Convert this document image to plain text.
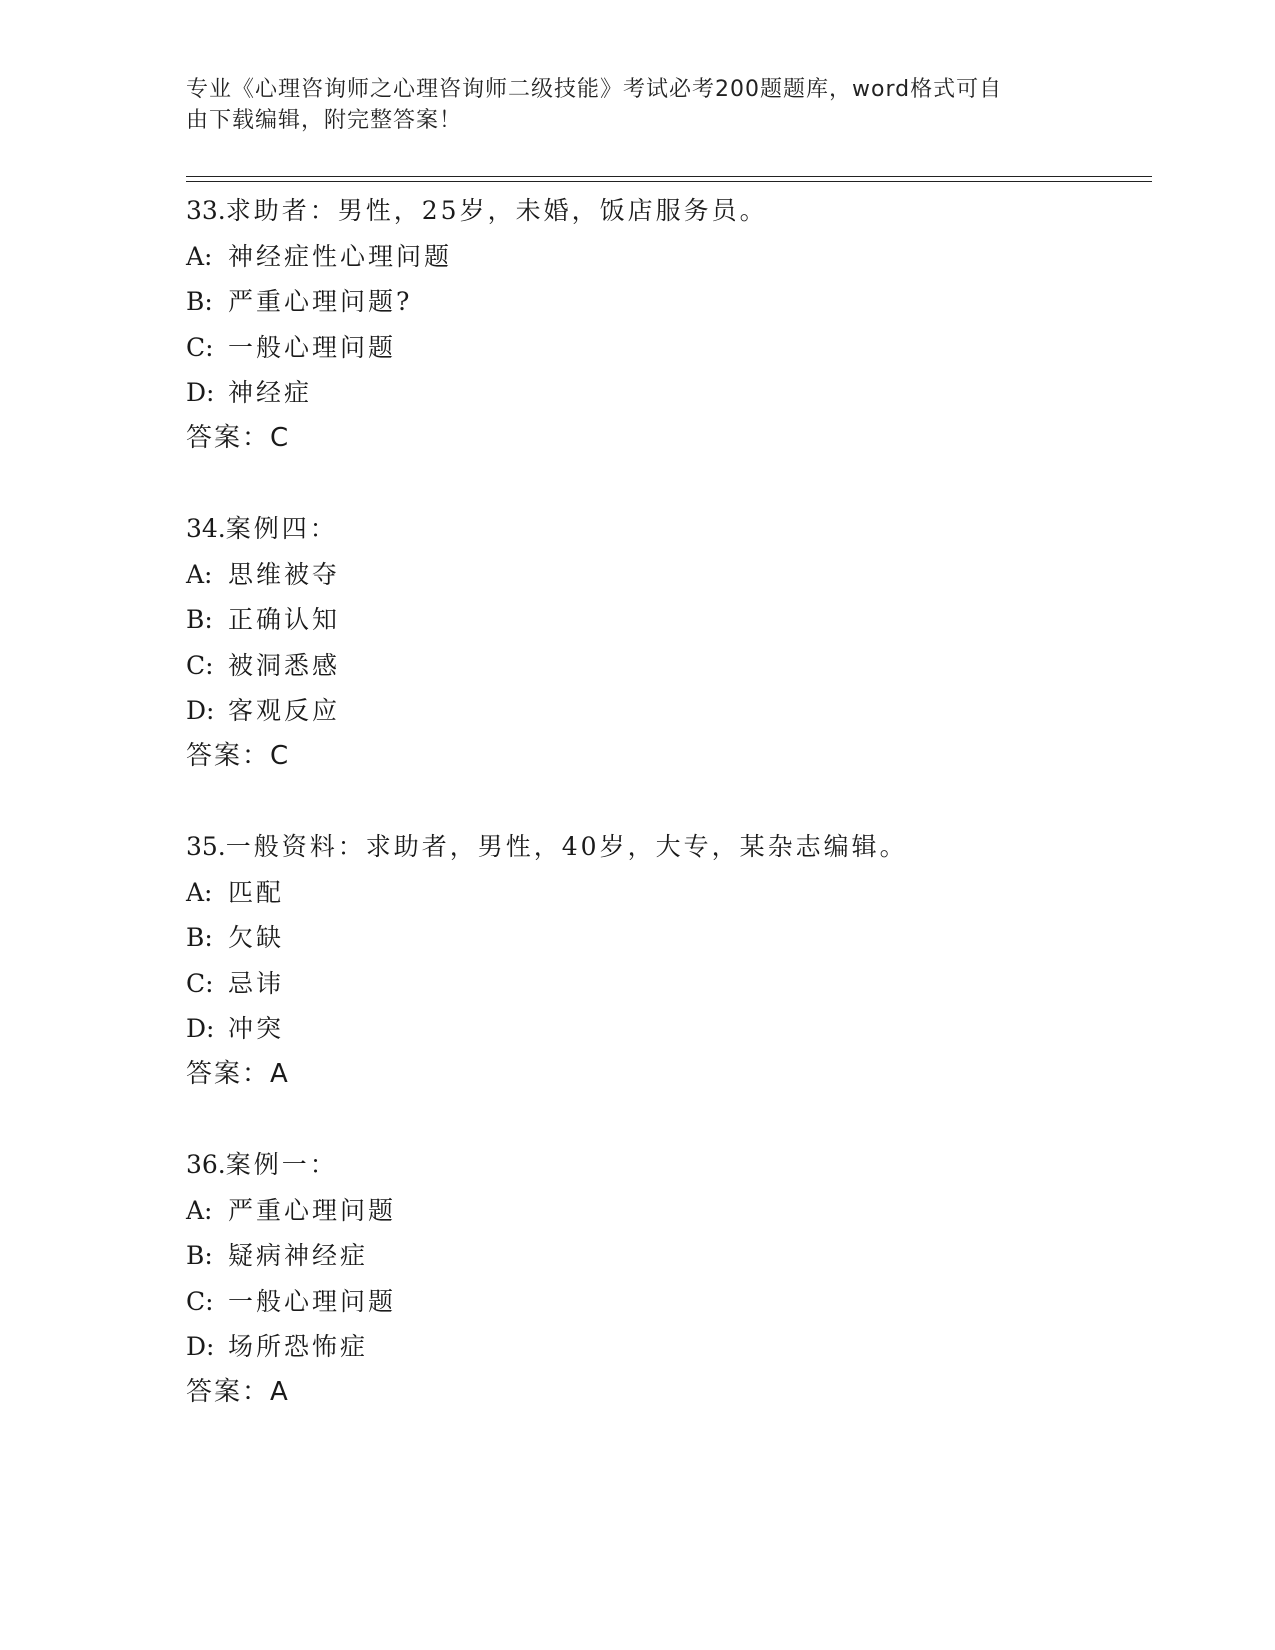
专业《心理咨询师之心理咨询师二级技能》考试必考200题题库，word格式可自
由下载编辑，附完整答案！
33.求助者：男性，25岁，未婚，饭店服务员。
A: 神经症性心理问题
B: 严重心理问题?
C: 一般心理问题
D: 神经症
答案：C
34.案例四：
A: 思维被夺
B: 正确认知
C: 被洞悉感
D: 客观反应
答案：C
35.一般资料：求助者，男性，40岁，大专，某杂志编辑。
A: 匹配
B: 欠缺
C: 忌讳
D: 冲突
答案：A
36.案例一：
A: 严重心理问题
B: 疑病神经症
C: 一般心理问题
D: 场所恐怖症
答案：A
